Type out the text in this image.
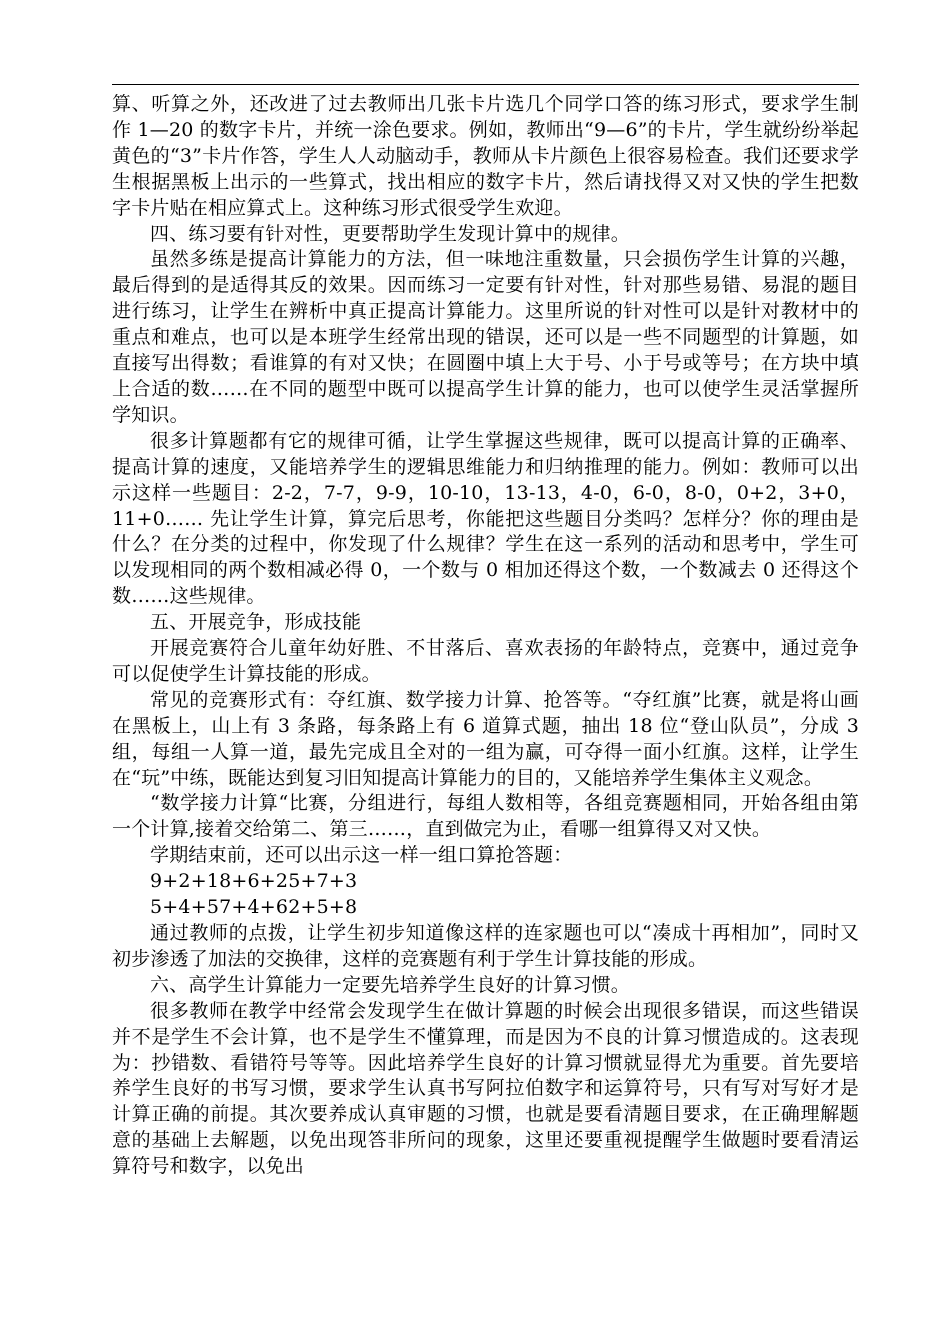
算、听算之外，还改进了过去教师出几张卡片选几个同学口答的练习形式，要求学生制作 1—20 的数字卡片，并统一涂色要求。例如，教师出“9—6”的卡片，学生就纷纷举起黄色的“3”卡片作答，学生人人动脑动手，教师从卡片颜色上很容易检查。我们还要求学生根据黑板上出示的一些算式，找出相应的数字卡片，然后请找得又对又快的学生把数字卡片贴在相应算式上。这种练习形式很受学生欢迎。

四、练习要有针对性，更要帮助学生发现计算中的规律。

虽然多练是提高计算能力的方法，但一味地注重数量，只会损伤学生计算的兴趣，最后得到的是适得其反的效果。因而练习一定要有针对性，针对那些易错、易混的题目进行练习，让学生在辨析中真正提高计算能力。这里所说的针对性可以是针对教材中的重点和难点，也可以是本班学生经常出现的错误，还可以是一些不同题型的计算题，如直接写出得数；看谁算的有对又快；在圆圈中填上大于号、小于号或等号；在方块中填上合适的数……在不同的题型中既可以提高学生计算的能力，也可以使学生灵活掌握所学知识。

很多计算题都有它的规律可循，让学生掌握这些规律，既可以提高计算的正确率、提高计算的速度，又能培养学生的逻辑思维能力和归纳推理的能力。例如：教师可以出示这样一些题目：2-2，7-7，9-9，10-10，13-13，4-0，6-0，8-0，0+2，3+0，11+0…… 先让学生计算，算完后思考，你能把这些题目分类吗？怎样分？你的理由是什么？在分类的过程中，你发现了什么规律？学生在这一系列的活动和思考中，学生可以发现相同的两个数相减必得 0，一个数与 0 相加还得这个数，一个数减去 0 还得这个数……这些规律。

五、开展竞争，形成技能

开展竞赛符合儿童年幼好胜、不甘落后、喜欢表扬的年龄特点，竞赛中，通过竞争可以促使学生计算技能的形成。

常见的竞赛形式有：夺红旗、数学接力计算、抢答等。“夺红旗”比赛，就是将山画在黑板上，山上有 3 条路，每条路上有 6 道算式题，抽出 18 位“登山队员”，分成 3 组，每组一人算一道，最先完成且全对的一组为赢，可夺得一面小红旗。这样，让学生在“玩”中练，既能达到复习旧知提高计算能力的目的，又能培养学生集体主义观念。

“数学接力计算“比赛，分组进行，每组人数相等，各组竞赛题相同，开始各组由第一个计算,接着交给第二、第三……，直到做完为止，看哪一组算得又对又快。

学期结束前，还可以出示这一样一组口算抢答题：

9+2+18+6+25+7+3

5+4+57+4+62+5+8

通过教师的点拨，让学生初步知道像这样的连家题也可以“凑成十再相加”，同时又初步渗透了加法的交换律，这样的竞赛题有利于学生计算技能的形成。

六、高学生计算能力一定要先培养学生良好的计算习惯。

很多教师在教学中经常会发现学生在做计算题的时候会出现很多错误，而这些错误并不是学生不会计算，也不是学生不懂算理，而是因为不良的计算习惯造成的。这表现为：抄错数、看错符号等等。因此培养学生良好的计算习惯就显得尤为重要。首先要培养学生良好的书写习惯，要求学生认真书写阿拉伯数字和运算符号，只有写对写好才是计算正确的前提。其次要养成认真审题的习惯，也就是要看清题目要求，在正确理解题意的基础上去解题，以免出现答非所问的现象，这里还要重视提醒学生做题时要看清运算符号和数字，以免出
